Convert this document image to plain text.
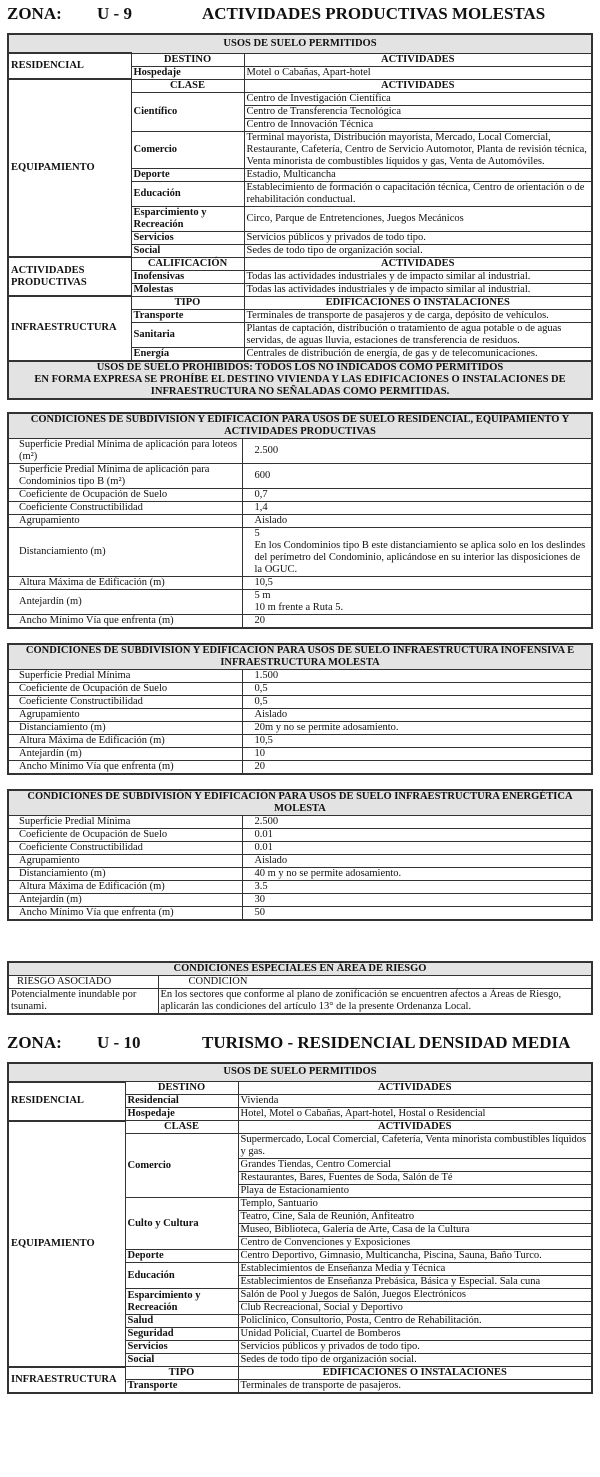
ZONA:	U - 9	ACTIVIDADES PRODUCTIVAS MOLESTAS
USOS DE SUELO PERMITIDOS		
RESIDENCIAL	DESTINO	ACTIVIDADES
	Hospedaje	Motel o Cabañas, Apart-hotel
EQUIPAMIENTO	CLASE	ACTIVIDADES
	Científico	Centro de Investigación Científica
		Centro de Transferencia Tecnológica
		Centro de Innovación Técnica
	Comercio	Terminal mayorista, Distribución mayorista, Mercado, Local Comercial, Restaurante, Cafetería, Centro de Servicio Automotor, Planta de revisión técnica, Venta minorista de combustibles líquidos y gas, Venta de Automóviles.
	Deporte	Estadio, Multicancha
	Educación	Establecimiento de formación o capacitación técnica, Centro de orientación o de rehabilitación conductual.
	Esparcimiento y Recreación	Circo, Parque de Entretenciones, Juegos Mecánicos
	Servicios	Servicios públicos y privados de todo tipo.
	Social	Sedes de todo tipo de organización social.
ACTIVIDADES PRODUCTIVAS	CALIFICACIÓN	ACTIVIDADES
	Inofensivas	Todas las actividades industriales y de impacto similar al industrial.
	Molestas	Todas las actividades industriales y de impacto similar al industrial.
INFRAESTRUCTURA	TIPO	EDIFICACIONES O INSTALACIONES
	Transporte	Terminales de transporte de pasajeros y de carga, depósito de vehículos.
	Sanitaria	Plantas de captación, distribución o tratamiento de agua potable o de aguas servidas, de aguas lluvia, estaciones de transferencia de residuos.
	Energía	Centrales de distribución de energía, de gas y de telecomunicaciones.
USOS DE SUELO PROHIBIDOS: TODOS LOS NO INDICADOS COMO PERMITIDOS
EN FORMA EXPRESA SE PROHÍBE EL DESTINO VIVIENDA Y LAS EDIFICACIONES O INSTALACIONES DE
INFRAESTRUCTURA NO SEÑALADAS COMO PERMITIDAS.		
CONDICIONES DE SUBDIVISIÓN Y EDIFICACIÓN PARA USOS DE SUELO RESIDENCIAL, EQUIPAMIENTO Y ACTIVIDADES PRODUCTIVAS	
Superficie Predial Mínima de aplicación para loteos (m²)	2.500
Superficie Predial Mínima de aplicación para Condominios tipo B (m²)	600
Coeficiente de Ocupación de Suelo	0,7
Coeficiente Constructibilidad	1,4
Agrupamiento	Aislado
Distanciamiento (m)	5
En los Condominios tipo B este distanciamiento se aplica solo en los deslindes del perímetro del Condominio, aplicándose en su interior las disposiciones de la OGUC.
Altura Máxima de Edificación (m)	10,5
Antejardín (m)	5 m
10 m frente a Ruta 5.
Ancho Mínimo Vía que enfrenta (m)	20
CONDICIONES DE SUBDIVISIÓN Y EDIFICACIÓN PARA USOS DE SUELO INFRAESTRUCTURA INOFENSIVA E INFRAESTRUCTURA MOLESTA	
Superficie Predial Mínima	1.500
Coeficiente de Ocupación de Suelo	0,5
Coeficiente Constructibilidad	0,5
Agrupamiento	Aislado
Distanciamiento (m)	20m y no se permite adosamiento.
Altura Máxima de Edificación (m)	10,5
Antejardín (m)	10
Ancho Mínimo Vía que enfrenta (m)	20
CONDICIONES DE SUBDIVISIÓN Y EDIFICACIÓN PARA USOS DE SUELO INFRAESTRUCTURA ENERGÉTICA MOLESTA	
Superficie Predial Mínima	2.500
Coeficiente de Ocupación de Suelo	0.01
Coeficiente Constructibilidad	0.01
Agrupamiento	Aislado
Distanciamiento (m)	40 m y no se permite adosamiento.
Altura Máxima de Edificación (m)	3.5
Antejardín (m)	30
Ancho Mínimo Vía que enfrenta (m)	50
CONDICIONES ESPECIALES EN ÁREA DE RIESGO	
RIESGO ASOCIADO	CONDICIÓN
Potencialmente inundable por tsunami.	En los sectores que conforme al plano de zonificación se encuentren afectos a Áreas de Riesgo, aplicarán las condiciones del artículo 13° de la presente Ordenanza Local.
ZONA:	U - 10	TURISMO - RESIDENCIAL DENSIDAD MEDIA
USOS DE SUELO PERMITIDOS		
RESIDENCIAL	DESTINO	ACTIVIDADES
	Residencial	Vivienda
	Hospedaje	Hotel, Motel o Cabañas, Apart-hotel, Hostal o Residencial
EQUIPAMIENTO	CLASE	ACTIVIDADES
	Comercio	Supermercado, Local Comercial, Cafetería, Venta minorista combustibles líquidos y gas.
		Grandes Tiendas, Centro Comercial
		Restaurantes, Bares, Fuentes de Soda, Salón de Té
		Playa de Estacionamiento
	Culto y Cultura	Templo, Santuario
		Teatro, Cine, Sala de Reunión, Anfiteatro
		Museo, Biblioteca, Galería de Arte, Casa de la Cultura
		Centro de Convenciones y Exposiciones
	Deporte	Centro Deportivo, Gimnasio, Multicancha, Piscina, Sauna, Baño Turco.
	Educación	Establecimientos de Enseñanza Media y Técnica
		Establecimientos de Enseñanza Prebásica, Básica y Especial. Sala cuna
	Esparcimiento y Recreación	Salón de Pool y Juegos de Salón, Juegos Electrónicos
		Club Recreacional, Social y Deportivo
	Salud	Policlínico, Consultorio, Posta, Centro de Rehabilitación.
	Seguridad	Unidad Policial, Cuartel de Bomberos
	Servicios	Servicios públicos y privados de todo tipo.
	Social	Sedes de todo tipo de organización social.
INFRAESTRUCTURA	TIPO	EDIFICACIONES O INSTALACIONES
	Transporte	Terminales de transporte de pasajeros.
